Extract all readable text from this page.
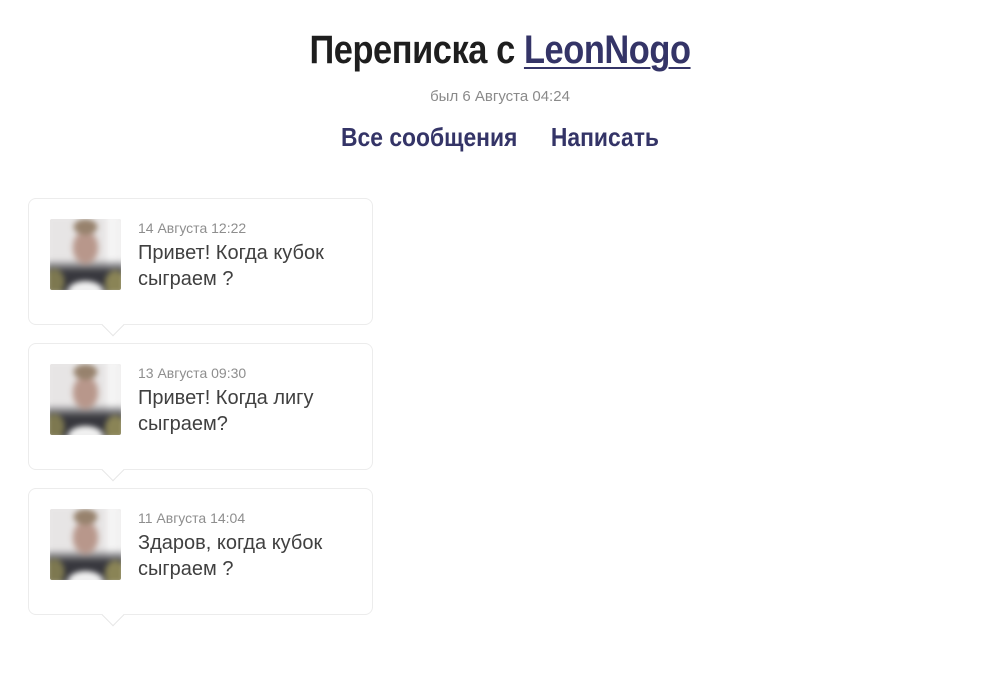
Переписка с LeonNogo
был 6 Августа 04:24
Все сообщения Написать
14 Августа 12:22
Привет! Когда кубок сыграем ?
13 Августа 09:30
Привет! Когда лигу сыграем?
11 Августа 14:04
Здаров, когда кубок сыграем ?
